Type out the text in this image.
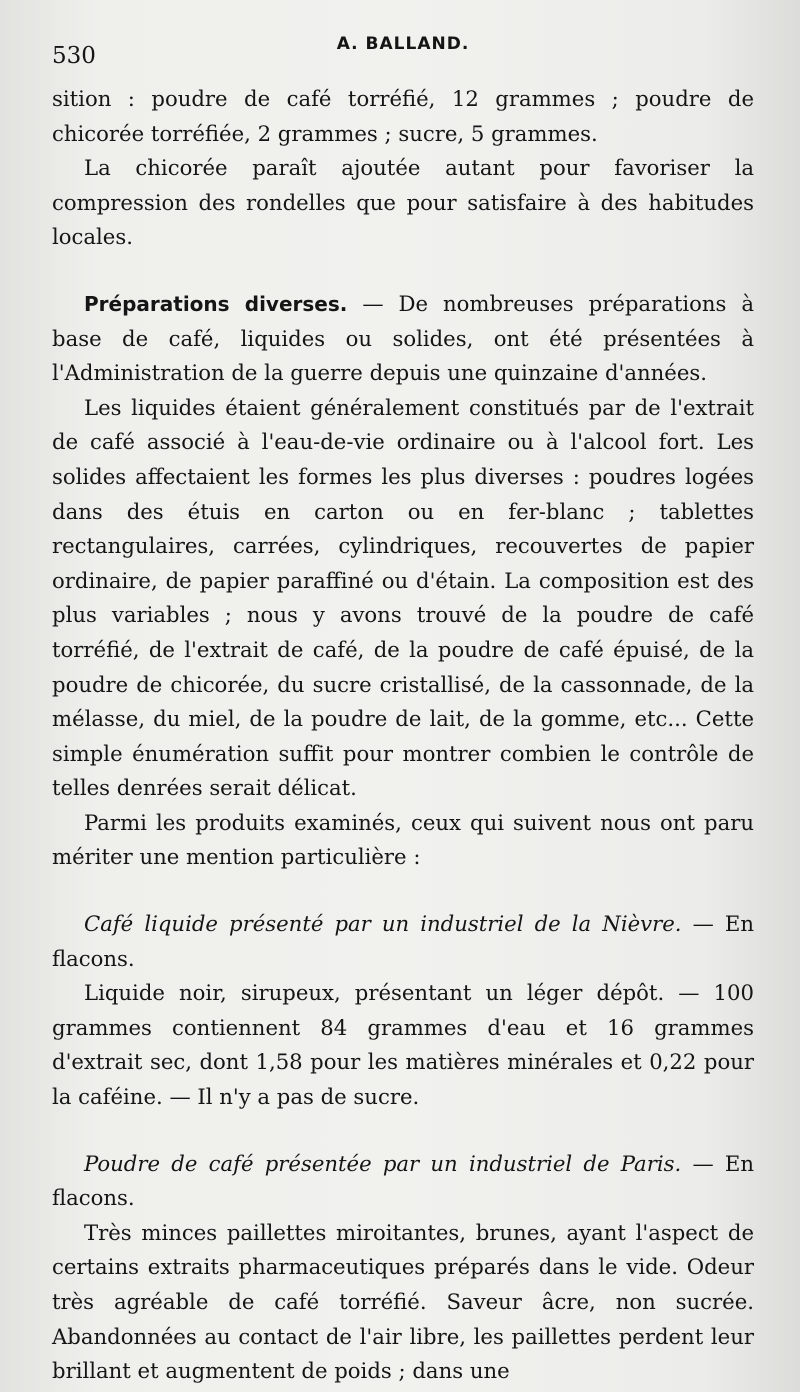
530	A. BALLAND.

sition : poudre de café torréfié, 12 grammes ; poudre de chicorée torréfiée, 2 grammes ; sucre, 5 grammes.

La chicorée paraît ajoutée autant pour favoriser la compression des rondelles que pour satisfaire à des habitudes locales.

Préparations diverses. — De nombreuses préparations à base de café, liquides ou solides, ont été présentées à l'Administration de la guerre depuis une quinzaine d'années.

Les liquides étaient généralement constitués par de l'extrait de café associé à l'eau-de-vie ordinaire ou à l'alcool fort. Les solides affectaient les formes les plus diverses : poudres logées dans des étuis en carton ou en fer-blanc ; tablettes rectangulaires, carrées, cylindriques, recouvertes de papier ordinaire, de papier paraffiné ou d'étain. La composition est des plus variables ; nous y avons trouvé de la poudre de café torréfié, de l'extrait de café, de la poudre de café épuisé, de la poudre de chicorée, du sucre cristallisé, de la cassonnade, de la mélasse, du miel, de la poudre de lait, de la gomme, etc... Cette simple énumération suffit pour montrer combien le contrôle de telles denrées serait délicat.

Parmi les produits examinés, ceux qui suivent nous ont paru mériter une mention particulière :

Café liquide présenté par un industriel de la Nièvre. — En flacons.

Liquide noir, sirupeux, présentant un léger dépôt. — 100 grammes contiennent 84 grammes d'eau et 16 grammes d'extrait sec, dont 1,58 pour les matières minérales et 0,22 pour la caféine. — Il n'y a pas de sucre.

Poudre de café présentée par un industriel de Paris. — En flacons.

Très minces paillettes miroitantes, brunes, ayant l'aspect de certains extraits pharmaceutiques préparés dans le vide. Odeur très agréable de café torréfié. Saveur âcre, non sucrée. Abandonnées au contact de l'air libre, les paillettes perdent leur brillant et augmentent de poids ; dans une
